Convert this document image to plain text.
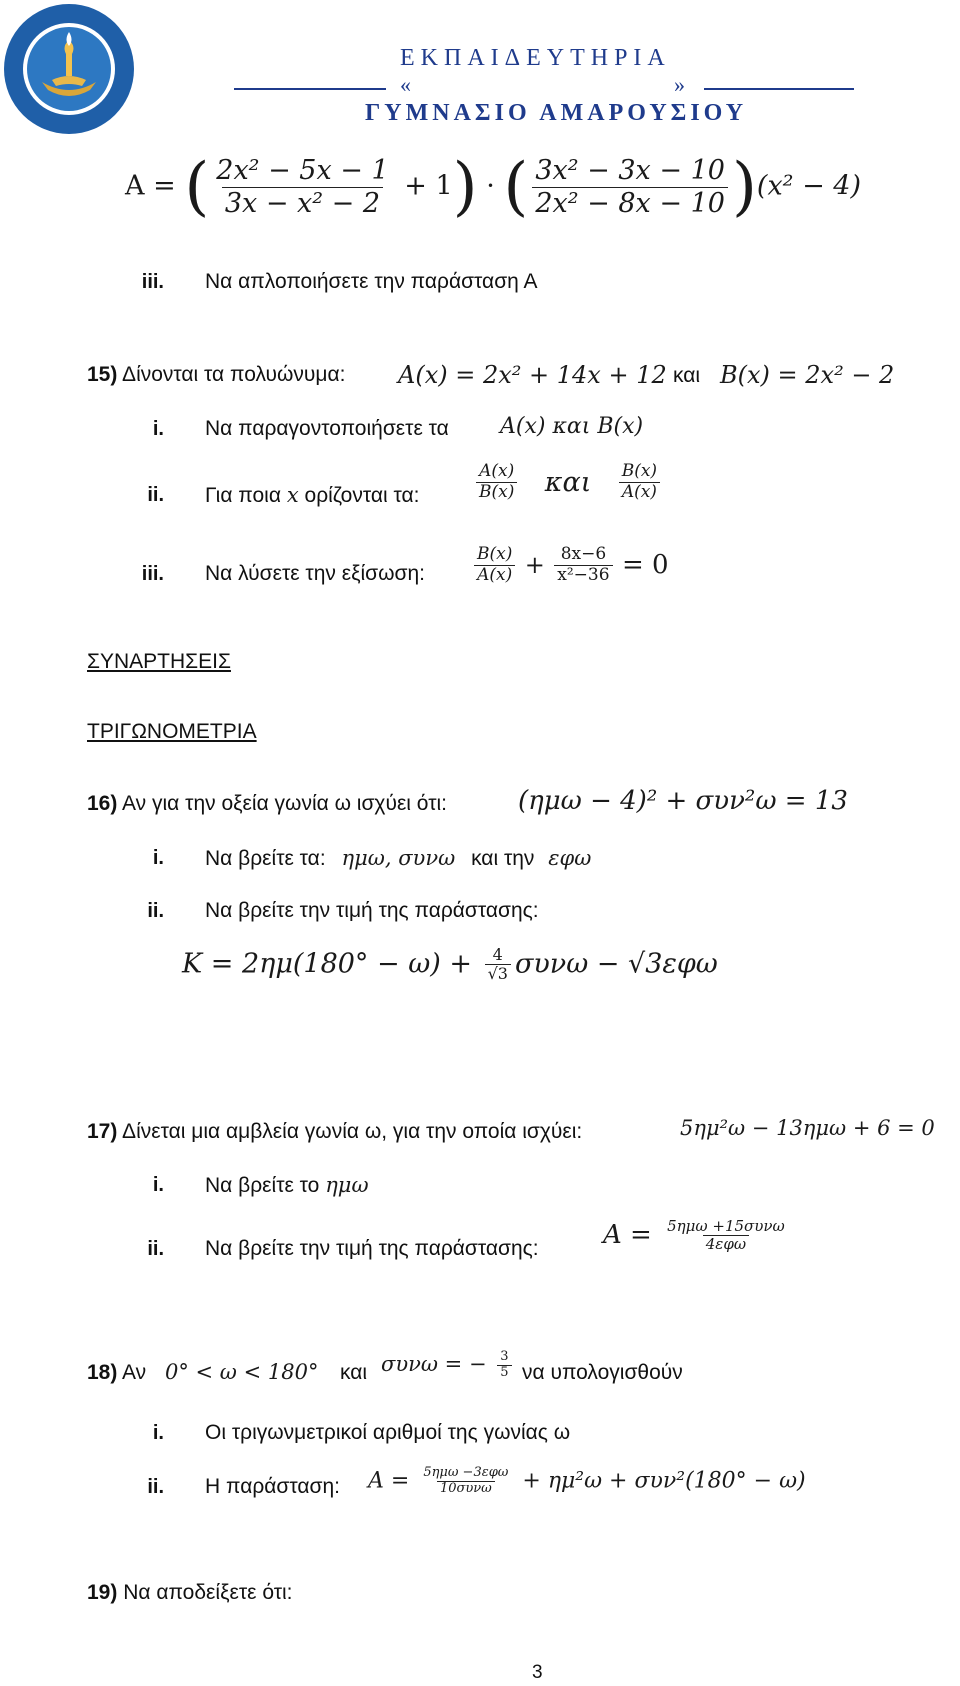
ΕΚΠΑΙΔΕΥΤΗΡΙΑ
«	»
ΓΥΜΝΑΣΙΟ ΑΜΑΡΟΥΣΙΟΥ
A = ( $\frac{\text{2x² − 5x − 1}}{\text{3x − x² − 2}} + 1$) · ( $\frac{\text{3x² − 3x − 10}}{\text{2x² − 8x − 10}} )(x^2 - 4)$
iii. Να απλοποιήσετε την παράσταση Α
15) Δίνονται τα πολυώνυμα: A(x) = 2x² + 14x + 12 και B(x) = 2x² − 2
i. Να παραγοντοποιήσετε τα A(x) και B(x)
ii. Για ποια x ορίζονται τα:	$\frac{A(x)}{B(x)}$ και $\frac{B(x)}{A(x)}$
iii. Να λύσετε την εξίσωση:	$\frac{B(x)}{A(x)} + \frac{8x-6}{\text{x²−36}} = 0$
ΣΥΝΑΡΤΗΣΕΙΣ
ΤΡΙΓΩΝΟΜΕΤΡΙΑ
16) Αν για την οξεία γωνία ω ισχύει ότι:	(ημω − 4)² + συν²ω = 13
i. Να βρείτε τα: ημω, συνω και την εφω
ii. Να βρείτε την τιμή της παράστασης:
$K = 2\eta\mu(180^\circ - \omega) + \frac{4}{√3}$ συνω − √3εφω
17) Δίνεται μια αμβλεία γωνία ω, για την οποία ισχύει:	5ημ²ω − 13ημω + 6 = 0
i. Να βρείτε το ημω
ii. Να βρείτε την τιμή της παράστασης: $A = \frac{\text{5ημω +15συνω}}{\text{4εφω}}$
18) Αν 0° < ω < 180° και συνω = − $\frac{3}{5}$ να υπολογισθούν
i. Οι τριγωνμετρικοί αριθμοί της γωνίας ω
ii. Η παράσταση: $A = \frac{\text{5ημω −3εφω}}{\text{10συνω}} + \eta\mu^2\omega + \sigma\upsilon\nu^2(180^\circ - \omega)$
19) Να αποδείξετε ότι:
3
